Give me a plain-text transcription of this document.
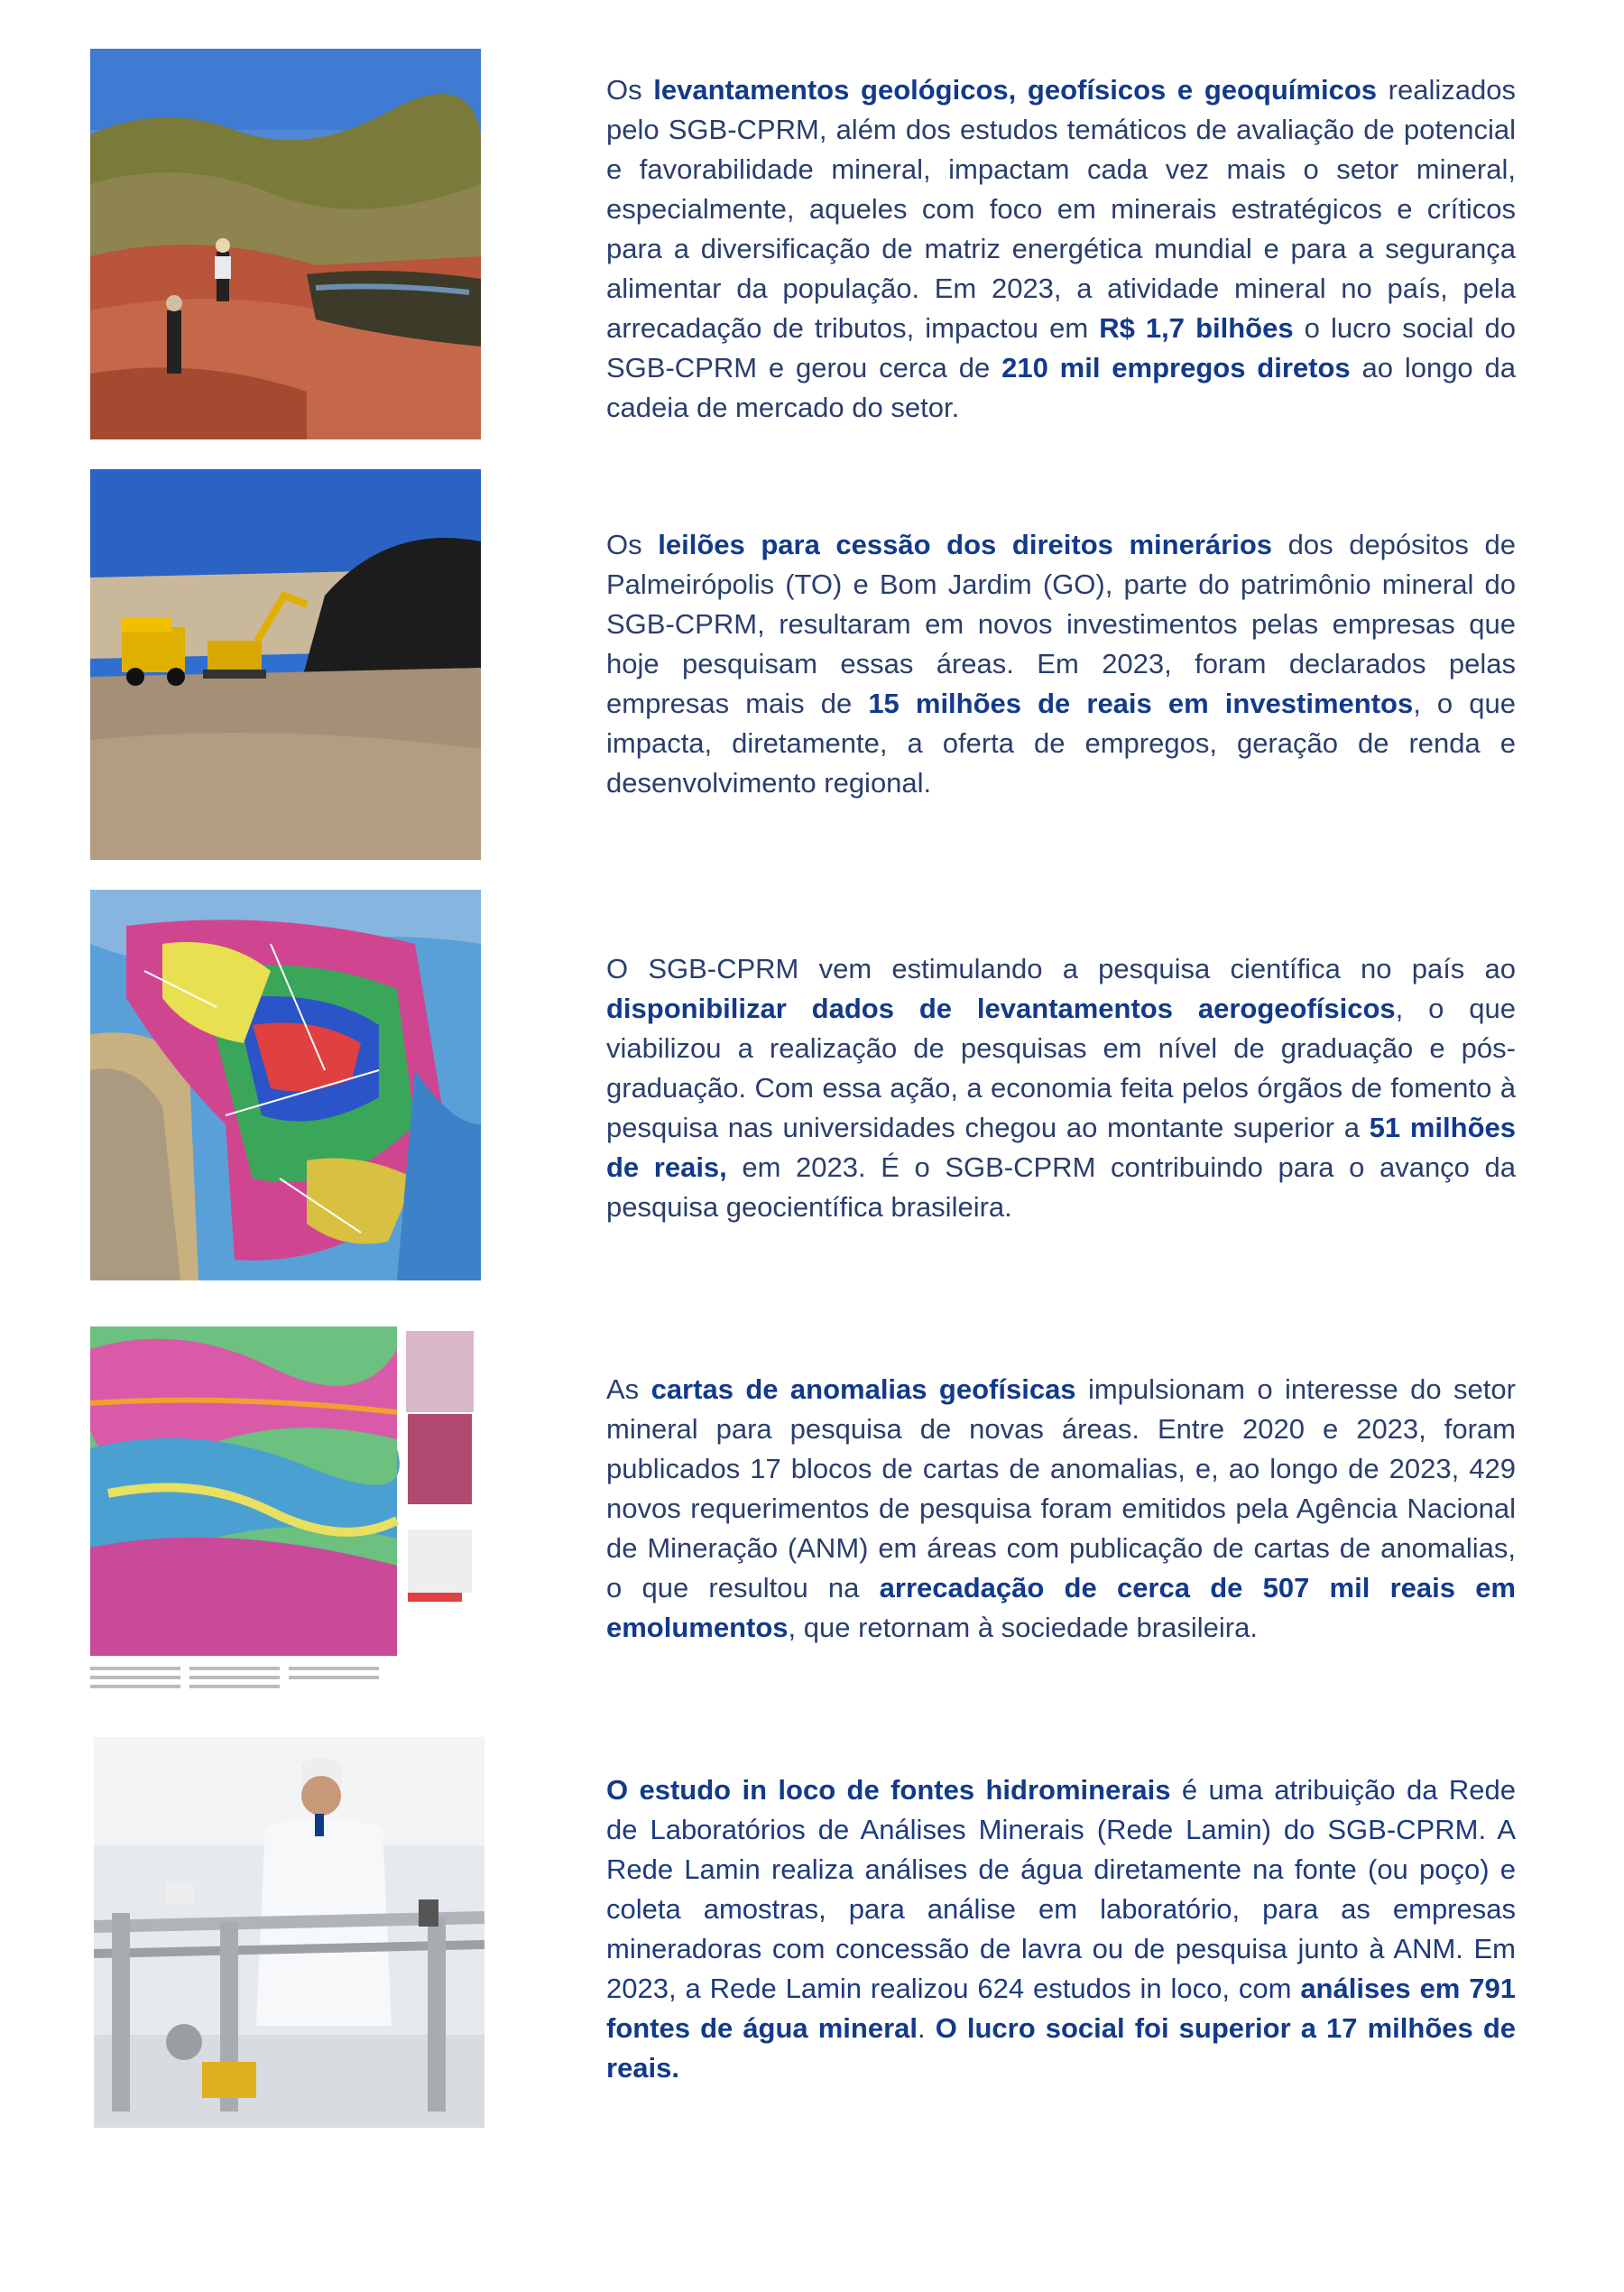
Os levantamentos geológicos, geofísicos e geoquímicos realizados pelo SGB-CPRM, além dos estudos temáticos de avaliação de potencial e favorabilidade mineral, impactam cada vez mais o setor mineral, especialmente, aqueles com foco em minerais estratégicos e críticos para a diversificação de matriz energética mundial e para a segurança alimentar da população. Em 2023, a atividade mineral no país, pela arrecadação de tributos, impactou em R$ 1,7 bilhões o lucro social do SGB-CPRM e gerou cerca de 210 mil empregos diretos ao longo da cadeia de mercado do setor.
Os leilões para cessão dos direitos minerários dos depósitos de Palmeirópolis (TO) e Bom Jardim (GO), parte do patrimônio mineral do SGB-CPRM, resultaram em novos investimentos pelas empresas que hoje pesquisam essas áreas. Em 2023, foram declarados pelas empresas mais de 15 milhões de reais em investimentos, o que impacta, diretamente, a oferta de empregos, geração de renda e desenvolvimento regional.
O SGB-CPRM vem estimulando a pesquisa científica no país ao disponibilizar dados de levantamentos aerogeofísicos, o que viabilizou a realização de pesquisas em nível de graduação e pós-graduação. Com essa ação, a economia feita pelos órgãos de fomento à pesquisa nas universidades chegou ao montante superior a 51 milhões de reais, em 2023. É o SGB-CPRM contribuindo para o avanço da pesquisa geocientífica brasileira.
As cartas de anomalias geofísicas impulsionam o interesse do setor mineral para pesquisa de novas áreas. Entre 2020 e 2023, foram publicados 17 blocos de cartas de anomalias, e, ao longo de 2023, 429 novos requerimentos de pesquisa foram emitidos pela Agência Nacional de Mineração (ANM) em áreas com publicação de cartas de anomalias, o que resultou na arrecadação de cerca de 507 mil reais em emolumentos, que retornam à sociedade brasileira.
O estudo in loco de fontes hidrominerais é uma atribuição da Rede de Laboratórios de Análises Minerais (Rede Lamin) do SGB-CPRM. A Rede Lamin realiza análises de água diretamente na fonte (ou poço) e coleta amostras, para análise em laboratório, para as empresas mineradoras com concessão de lavra ou de pesquisa junto à ANM. Em 2023, a Rede Lamin realizou 624 estudos in loco, com análises em 791 fontes de água mineral. O lucro social foi superior a 17 milhões de reais.
